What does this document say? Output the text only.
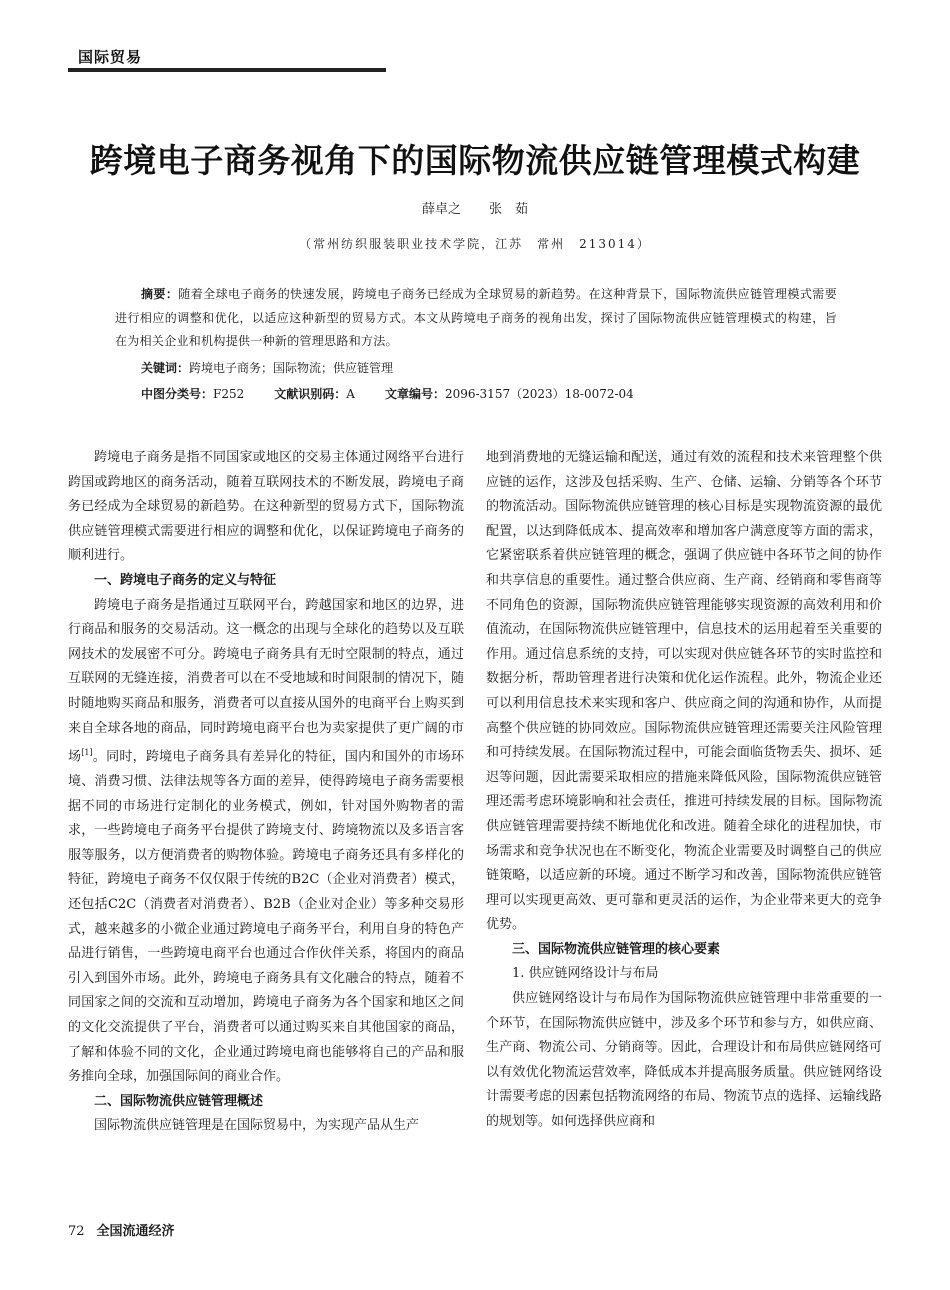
国际贸易
跨境电子商务视角下的国际物流供应链管理模式构建
薛卓之 张　茹
（常州纺织服装职业技术学院，江苏　常州　213014）

摘要：随着全球电子商务的快速发展，跨境电子商务已经成为全球贸易的新趋势。在这种背景下，国际物流供应链管理模式需要进行相应的调整和优化，以适应这种新型的贸易方式。本文从跨境电子商务的视角出发，探讨了国际物流供应链管理模式的构建，旨在为相关企业和机构提供一种新的管理思路和方法。

关键词：跨境电子商务；国际物流；供应链管理
中图分类号：F252	文献识别码：A	文章编号：2096-3157（2023）18-0072-04

跨境电子商务是指不同国家或地区的交易主体通过网络平台进行跨国或跨地区的商务活动，随着互联网技术的不断发展，跨境电子商务已经成为全球贸易的新趋势。在这种新型的贸易方式下，国际物流供应链管理模式需要进行相应的调整和优化，以保证跨境电子商务的顺利进行。

一、跨境电子商务的定义与特征

跨境电子商务是指通过互联网平台，跨越国家和地区的边界，进行商品和服务的交易活动。这一概念的出现与全球化的趋势以及互联网技术的发展密不可分。跨境电子商务具有无时空限制的特点，通过互联网的无缝连接，消费者可以在不受地域和时间限制的情况下，随时随地购买商品和服务，消费者可以直接从国外的电商平台上购买到来自全球各地的商品，同时跨境电商平台也为卖家提供了更广阔的市场[1]。同时，跨境电子商务具有差异化的特征，国内和国外的市场环境、消费习惯、法律法规等各方面的差异，使得跨境电子商务需要根据不同的市场进行定制化的业务模式，例如，针对国外购物者的需求，一些跨境电子商务平台提供了跨境支付、跨境物流以及多语言客服等服务，以方便消费者的购物体验。跨境电子商务还具有多样化的特征，跨境电子商务不仅仅限于传统的B2C（企业对消费者）模式，还包括C2C（消费者对消费者）、B2B（企业对企业）等多种交易形式，越来越多的小微企业通过跨境电子商务平台，利用自身的特色产品进行销售，一些跨境电商平台也通过合作伙伴关系，将国内的商品引入到国外市场。此外，跨境电子商务具有文化融合的特点，随着不同国家之间的交流和互动增加，跨境电子商务为各个国家和地区之间的文化交流提供了平台，消费者可以通过购买来自其他国家的商品，了解和体验不同的文化，企业通过跨境电商也能够将自己的产品和服务推向全球，加强国际间的商业合作。

二、国际物流供应链管理概述

国际物流供应链管理是在国际贸易中，为实现产品从生产

地到消费地的无缝运输和配送，通过有效的流程和技术来管理整个供应链的运作，这涉及包括采购、生产、仓储、运输、分销等各个环节的物流活动。国际物流供应链管理的核心目标是实现物流资源的最优配置，以达到降低成本、提高效率和增加客户满意度等方面的需求，它紧密联系着供应链管理的概念，强调了供应链中各环节之间的协作和共享信息的重要性。通过整合供应商、生产商、经销商和零售商等不同角色的资源，国际物流供应链管理能够实现资源的高效利用和价值流动，在国际物流供应链管理中，信息技术的运用起着至关重要的作用。通过信息系统的支持，可以实现对供应链各环节的实时监控和数据分析，帮助管理者进行决策和优化运作流程。此外，物流企业还可以利用信息技术来实现和客户、供应商之间的沟通和协作，从而提高整个供应链的协同效应。国际物流供应链管理还需要关注风险管理和可持续发展。在国际物流过程中，可能会面临货物丢失、损坏、延迟等问题，因此需要采取相应的措施来降低风险，国际物流供应链管理还需考虑环境影响和社会责任，推进可持续发展的目标。国际物流供应链管理需要持续不断地优化和改进。随着全球化的进程加快，市场需求和竞争状况也在不断变化，物流企业需要及时调整自己的供应链策略，以适应新的环境。通过不断学习和改善，国际物流供应链管理可以实现更高效、更可靠和更灵活的运作，为企业带来更大的竞争优势。

三、国际物流供应链管理的核心要素

1. 供应链网络设计与布局

供应链网络设计与布局作为国际物流供应链管理中非常重要的一个环节，在国际物流供应链中，涉及多个环节和参与方，如供应商、生产商、物流公司、分销商等。因此，合理设计和布局供应链网络可以有效优化物流运营效率，降低成本并提高服务质量。供应链网络设计需要考虑的因素包括物流网络的布局、物流节点的选择、运输线路的规划等。如何选择供应商和

72 全国流通经济
